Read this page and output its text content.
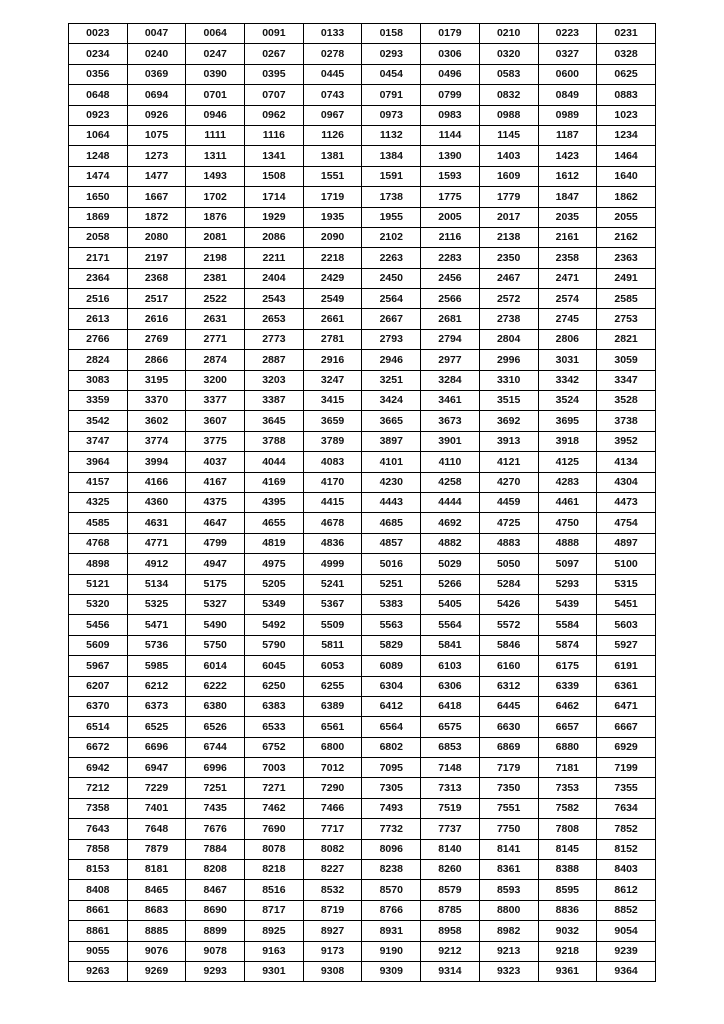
0023	0047	0064	0091	0133	0158	0179	0210	0223	0231
0234	0240	0247	0267	0278	0293	0306	0320	0327	0328
0356	0369	0390	0395	0445	0454	0496	0583	0600	0625
0648	0694	0701	0707	0743	0791	0799	0832	0849	0883
0923	0926	0946	0962	0967	0973	0983	0988	0989	1023
1064	1075	1111	1116	1126	1132	1144	1145	1187	1234
1248	1273	1311	1341	1381	1384	1390	1403	1423	1464
1474	1477	1493	1508	1551	1591	1593	1609	1612	1640
1650	1667	1702	1714	1719	1738	1775	1779	1847	1862
1869	1872	1876	1929	1935	1955	2005	2017	2035	2055
2058	2080	2081	2086	2090	2102	2116	2138	2161	2162
2171	2197	2198	2211	2218	2263	2283	2350	2358	2363
2364	2368	2381	2404	2429	2450	2456	2467	2471	2491
2516	2517	2522	2543	2549	2564	2566	2572	2574	2585
2613	2616	2631	2653	2661	2667	2681	2738	2745	2753
2766	2769	2771	2773	2781	2793	2794	2804	2806	2821
2824	2866	2874	2887	2916	2946	2977	2996	3031	3059
3083	3195	3200	3203	3247	3251	3284	3310	3342	3347
3359	3370	3377	3387	3415	3424	3461	3515	3524	3528
3542	3602	3607	3645	3659	3665	3673	3692	3695	3738
3747	3774	3775	3788	3789	3897	3901	3913	3918	3952
3964	3994	4037	4044	4083	4101	4110	4121	4125	4134
4157	4166	4167	4169	4170	4230	4258	4270	4283	4304
4325	4360	4375	4395	4415	4443	4444	4459	4461	4473
4585	4631	4647	4655	4678	4685	4692	4725	4750	4754
4768	4771	4799	4819	4836	4857	4882	4883	4888	4897
4898	4912	4947	4975	4999	5016	5029	5050	5097	5100
5121	5134	5175	5205	5241	5251	5266	5284	5293	5315
5320	5325	5327	5349	5367	5383	5405	5426	5439	5451
5456	5471	5490	5492	5509	5563	5564	5572	5584	5603
5609	5736	5750	5790	5811	5829	5841	5846	5874	5927
5967	5985	6014	6045	6053	6089	6103	6160	6175	6191
6207	6212	6222	6250	6255	6304	6306	6312	6339	6361
6370	6373	6380	6383	6389	6412	6418	6445	6462	6471
6514	6525	6526	6533	6561	6564	6575	6630	6657	6667
6672	6696	6744	6752	6800	6802	6853	6869	6880	6929
6942	6947	6996	7003	7012	7095	7148	7179	7181	7199
7212	7229	7251	7271	7290	7305	7313	7350	7353	7355
7358	7401	7435	7462	7466	7493	7519	7551	7582	7634
7643	7648	7676	7690	7717	7732	7737	7750	7808	7852
7858	7879	7884	8078	8082	8096	8140	8141	8145	8152
8153	8181	8208	8218	8227	8238	8260	8361	8388	8403
8408	8465	8467	8516	8532	8570	8579	8593	8595	8612
8661	8683	8690	8717	8719	8766	8785	8800	8836	8852
8861	8885	8899	8925	8927	8931	8958	8982	9032	9054
9055	9076	9078	9163	9173	9190	9212	9213	9218	9239
9263	9269	9293	9301	9308	9309	9314	9323	9361	9364
